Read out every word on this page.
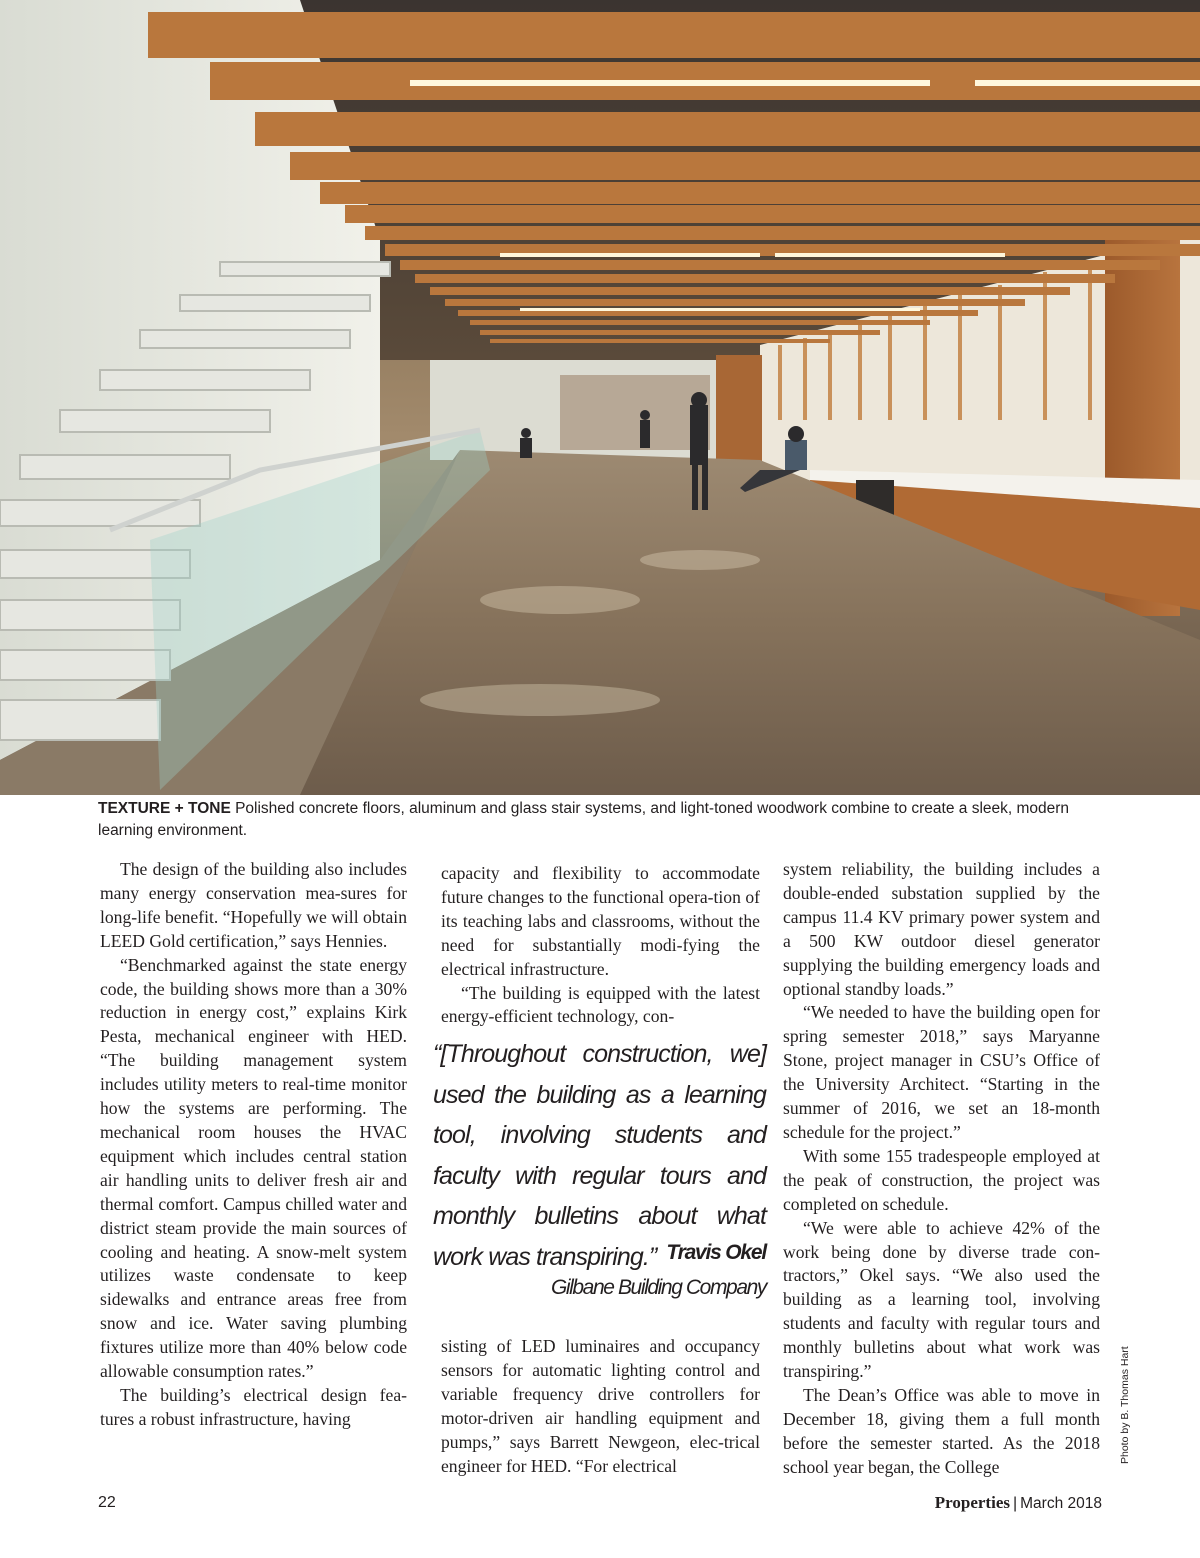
TEXTURE + TONE Polished concrete floors, aluminum and glass stair systems, and light-toned woodwork combine to create a sleek, modern learning environment.

The design of the building also includes many energy conservation mea-sures for long-life benefit. “Hopefully we will obtain LEED Gold certification,” says Hennies.

“Benchmarked against the state energy code, the building shows more than a 30% reduction in energy cost,” explains Kirk Pesta, mechanical engineer with HED. “The building management system includes utility meters to real-time monitor how the systems are performing. The mechanical room houses the HVAC equipment which includes central station air handling units to deliver fresh air and thermal comfort. Campus chilled water and district steam provide the main sources of cooling and heating. A snow-melt system utilizes waste condensate to keep sidewalks and entrance areas free from snow and ice. Water saving plumbing fixtures utilize more than 40% below code allowable consumption rates.”

The building’s electrical design fea-tures a robust infrastructure, having

capacity and flexibility to accommodate future changes to the functional opera-tion of its teaching labs and classrooms, without the need for substantially modi-fying the electrical infrastructure.

“The building is equipped with the latest energy-efficient technology, con-

“[Throughout construction, we] used the building as a learning tool, involving students and faculty with regular tours and monthly bulletins about what work was transpiring.” Travis Okel
Gilbane Building Company

sisting of LED luminaires and occupancy sensors for automatic lighting control and variable frequency drive controllers for motor-driven air handling equipment and pumps,” says Barrett Newgeon, elec-trical engineer for HED. “For electrical

system reliability, the building includes a double-ended substation supplied by the campus 11.4 KV primary power system and a 500 KW outdoor diesel generator supplying the building emergency loads and optional standby loads.”

“We needed to have the building open for spring semester 2018,” says Maryanne Stone, project manager in CSU’s Office of the University Architect. “Starting in the summer of 2016, we set an 18-month schedule for the project.”

With some 155 tradespeople employed at the peak of construction, the project was completed on schedule.

“We were able to achieve 42% of the work being done by diverse trade con-tractors,” Okel says. “We also used the building as a learning tool, involving students and faculty with regular tours and monthly bulletins about what work was transpiring.”

The Dean’s Office was able to move in December 18, giving them a full month before the semester started. As the 2018 school year began, the College

Photo by B. Thomas Hart
22	Properties | March 2018
